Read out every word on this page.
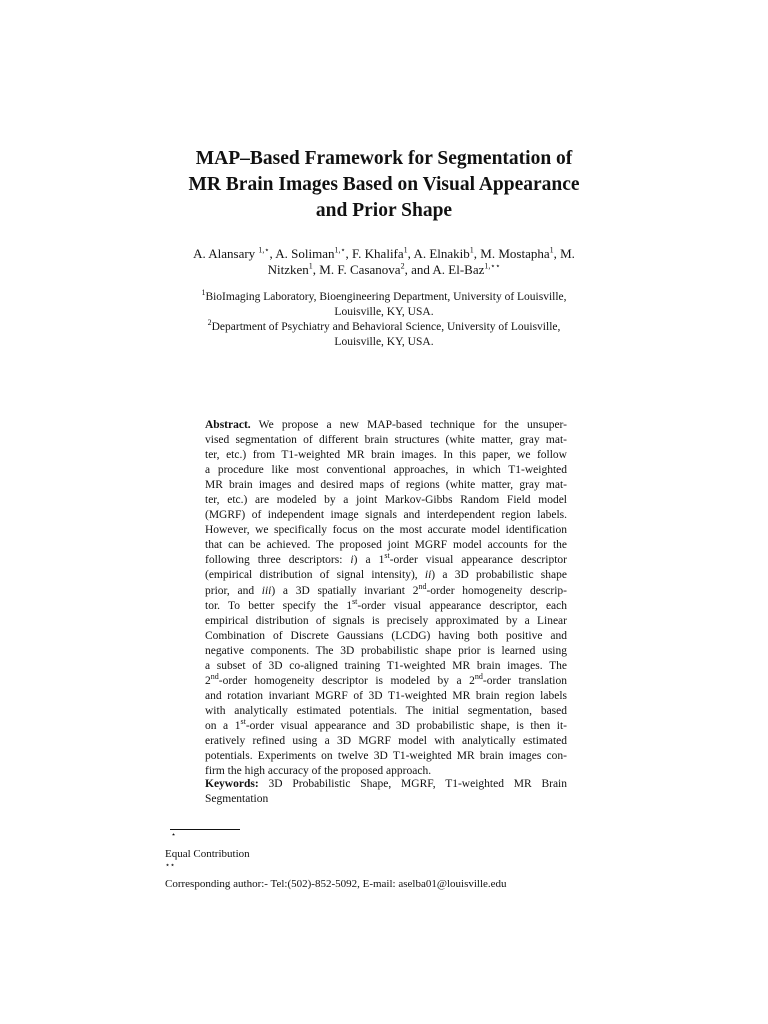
MAP–Based Framework for Segmentation of
MR Brain Images Based on Visual Appearance
and Prior Shape
A. Alansary $^{1,⋆}$, A. Soliman$^{1,⋆}$, F. Khalifa$^1$, A. Elnakib$^1$, M. Mostapha$^1$, M.
Nitzken$^1$, M. F. Casanova$^2$, and A. El-Baz$^{1,⋆⋆}$
$^1$BioImaging Laboratory, Bioengineering Department, University of Louisville,
Louisville, KY, USA.
$^2$Department of Psychiatry and Behavioral Science, University of Louisville,
Louisville, KY, USA.
Abstract. We propose a new MAP-based technique for the unsuper-
vised segmentation of different brain structures (white matter, gray mat-
ter, etc.) from T1-weighted MR brain images. In this paper, we follow
a procedure like most conventional approaches, in which T1-weighted
MR brain images and desired maps of regions (white matter, gray mat-
ter, etc.) are modeled by a joint Markov-Gibbs Random Field model
(MGRF) of independent image signals and interdependent region labels.
However, we specifically focus on the most accurate model identification
that can be achieved. The proposed joint MGRF model accounts for the
following three descriptors: i) a 1st-order visual appearance descriptor
(empirical distribution of signal intensity), ii) a 3D probabilistic shape
prior, and iii) a 3D spatially invariant 2nd-order homogeneity descrip-
tor. To better specify the 1st-order visual appearance descriptor, each
empirical distribution of signals is precisely approximated by a Linear
Combination of Discrete Gaussians (LCDG) having both positive and
negative components. The 3D probabilistic shape prior is learned using
a subset of 3D co-aligned training T1-weighted MR brain images. The
2nd-order homogeneity descriptor is modeled by a 2nd-order translation
and rotation invariant MGRF of 3D T1-weighted MR brain region labels
with analytically estimated potentials. The initial segmentation, based
on a 1st-order visual appearance and 3D probabilistic shape, is then it-
eratively refined using a 3D MGRF model with analytically estimated
potentials. Experiments on twelve 3D T1-weighted MR brain images con-
firm the high accuracy of the proposed approach.
Keywords: 3D Probabilistic Shape, MGRF, T1-weighted MR Brain
Segmentation
⋆
Equal Contribution
⋆⋆
Corresponding author:- Tel:(502)-852-5092, E-mail: aselba01@louisville.edu
